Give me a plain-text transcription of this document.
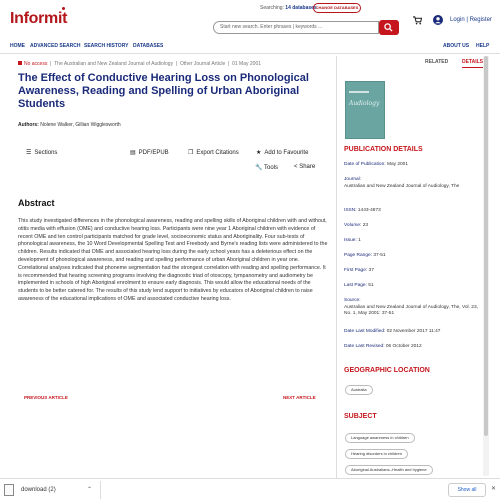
Informit
Searching: 14 databases
CHANGE DATABASES
Start new search. Enter phrases | keywords ...
Login | Register
HOME ADVANCED SEARCH SEARCH HISTORY DATABASES	ABOUT US HELP
No access  |  The Australian and New Zealand Journal of Audiology  |  Other Journal Article  |  01 May 2001
The Effect of Conductive Hearing Loss on Phonological Awareness, Reading and Spelling of Urban Aboriginal Students
Authors: Nolene Walker, Gillian Wigglesworth
☰ Sections	▤ PDF/EPUB	❐ Export Citations	★ Add to Favourite
🔧 Tools	< Share
Abstract

This study investigated differences in the phonological awareness, reading and spelling skills of Aboriginal children with and without, otitis media with effusion (OME) and conductive hearing loss. Participants were nine year 1 Aboriginal children with evidence of recent OME and ten control participants matched for grade level, socioeconomic status and Aboriginality. Four sub-tests of phonological awareness, the 10 Word Developmental Spelling Test and Freebody and Byrne's reading lists were administered to the children. Results indicated that OME and associated hearing loss during the early school years has a deleterious effect on the development of phonological awareness, and reading and spelling performance of urban Aboriginal children in year one. Correlational analyses indicated that phoneme segmentation had the strongest correlation with reading and spelling performance. It is recommended that hearing screening programs involving the diagnostic triad of otoscopy, tympanometry and audiometry be implemented in schools of high Aboriginal enrolment to ensure early diagnosis. This would allow the educational needs of the students to be better catered for. The results of this study lend support to initiatives by educators of Aboriginal children to raise awareness of the educational implications of OME and associated conductive hearing loss.

PREVIOUS ARTICLE	NEXT ARTICLE
RELATED	DETAILS
Audiology
PUBLICATION DETAILS
Date of Publication: May 2001
Journal:
Australian and New Zealand Journal of Audiology, The
ISSN: 1443-4873
Volume: 23
Issue: 1
Page Range: 37-51
First Page: 37
Last Page: 51
Source:
Australian and New Zealand Journal of Audiology, The, Vol. 23, No. 1, May 2001: 37-51
Date Last Modified: 02 November 2017 11:47
Date Last Revised: 06 October 2012
GEOGRAPHIC LOCATION
Australia
SUBJECT
Language awareness in children
Hearing disorders in children
Aboriginal Australians--Health and hygiene
download (2)	⌃	Show all	✕
